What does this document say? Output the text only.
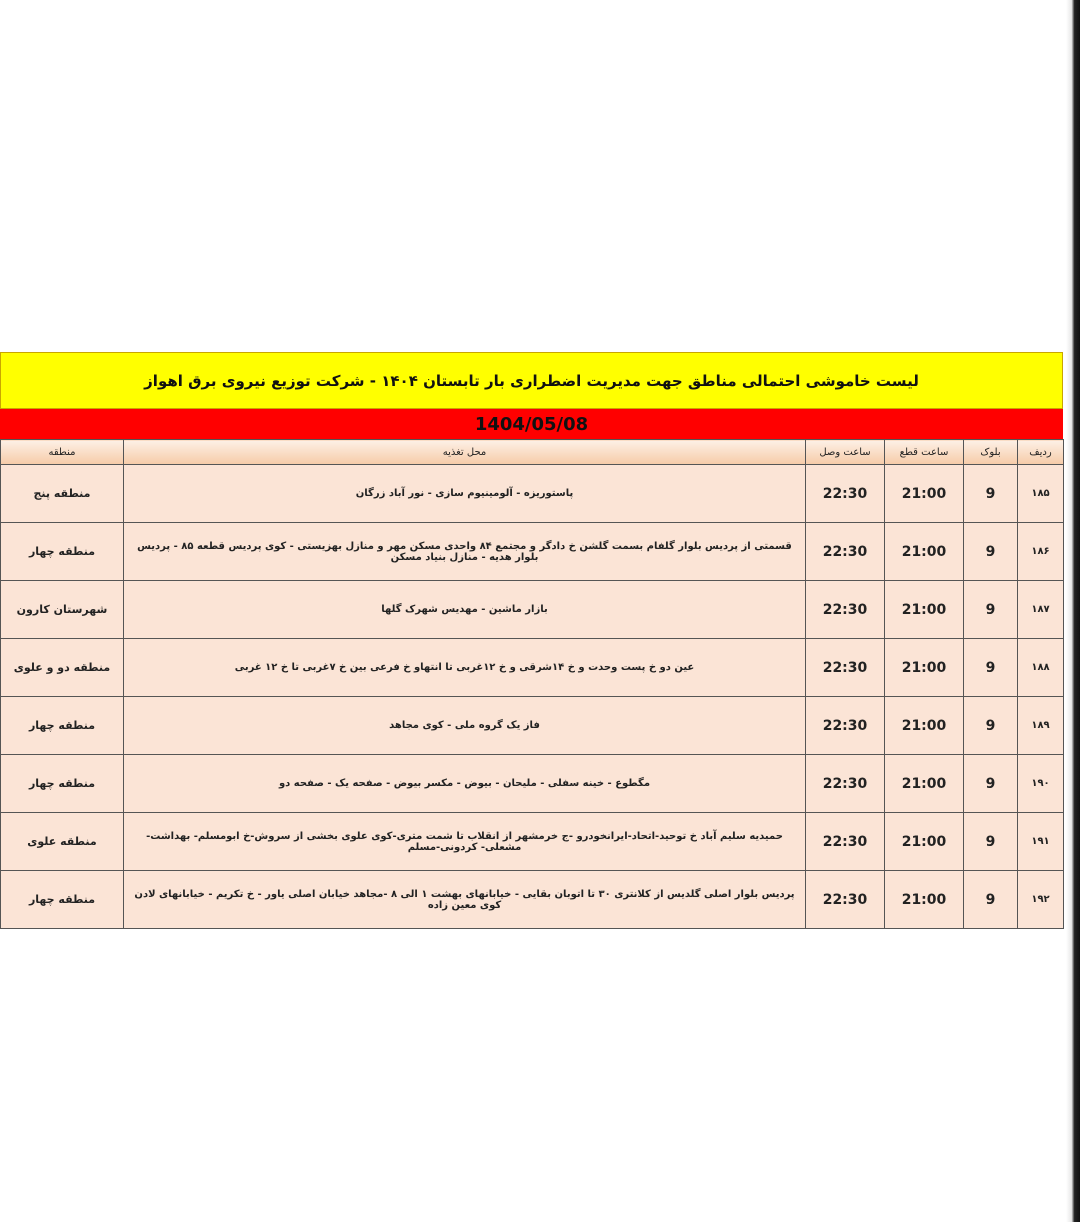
لیست خاموشی احتمالی مناطق جهت مدیریت اضطراری بار تابستان ۱۴۰۴ - شرکت توزیع نیروی برق اهواز
1404/05/08
ردیف	بلوک	ساعت قطع	ساعت وصل	محل تغذیه	منطقه
۱۸۵	9	21:00	22:30	پاستوریزه - آلومینیوم سازی - نور آباد زرگان	منطقه پنج
۱۸۶	9	21:00	22:30	قسمتی از پردیس بلوار گلفام بسمت گلشن خ دادگر و مجتمع ۸۴ واحدی مسکن مهر و منازل بهزیستی - کوی پردیس قطعه ۸۵ - پردیس بلوار هدیه - منازل بنیاد مسکن	منطقه چهار
۱۸۷	9	21:00	22:30	بازار ماشین - مهدیس شهرک گلها	شهرستان کارون
۱۸۸	9	21:00	22:30	عین دو خ پست وحدت و خ ۱۴شرقی و خ ۱۲غربی تا انتهاو خ فرعی بین خ ۷غربی تا خ ۱۲ غربی	منطقه دو و علوی
۱۸۹	9	21:00	22:30	فاز یک گروه ملی - کوی مجاهد	منطقه چهار
۱۹۰	9	21:00	22:30	مگطوع - خینه سفلی - ملیحان - بیوض - مکسر بیوض - صفحه یک - صفحه دو	منطقه چهار
۱۹۱	9	21:00	22:30	حمیدیه سلیم آباد خ توحید-اتحاد-ایرانخودرو -ج خرمشهر از انقلاب تا شمت متری-کوی علوی بخشی از سروش-خ ابومسلم- بهداشت- مشعلی- کردونی-مسلم	منطقه علوی
۱۹۲	9	21:00	22:30	پردیس بلوار اصلی گلدیس از کلانتری ۳۰ تا اتوبان بقایی - خیابانهای بهشت ۱ الی ۸ -مجاهد خیابان اصلی یاور - خ تکریم - خیابانهای لادن کوی معین زاده	منطقه چهار
